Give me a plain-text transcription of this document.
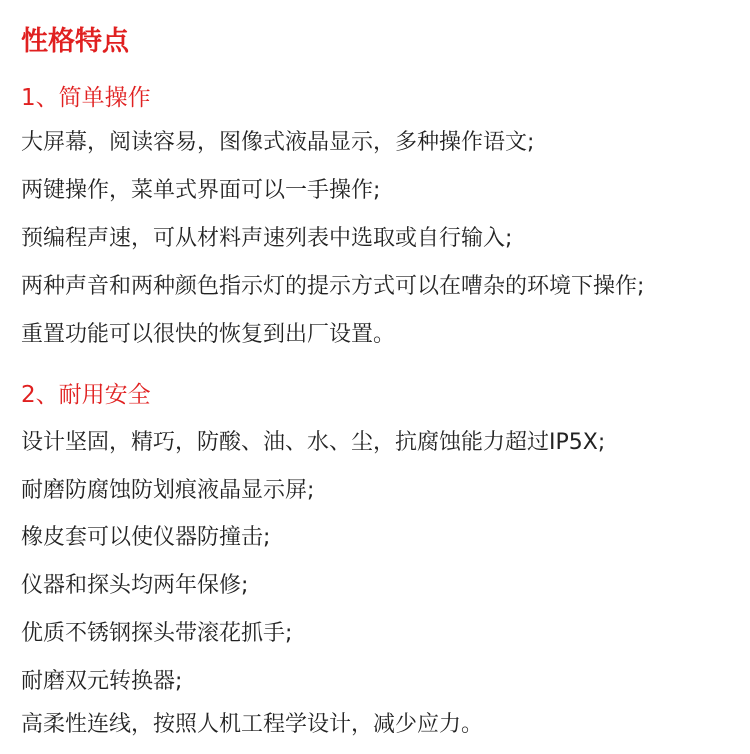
性格特点
1、简单操作

大屏幕，阅读容易，图像式液晶显示，多种操作语文;

两键操作，菜单式界面可以一手操作;

预编程声速，可从材料声速列表中选取或自行输入;

两种声音和两种颜色指示灯的提示方式可以在嘈杂的环境下操作;

重置功能可以很快的恢复到出厂设置。

2、耐用安全

设计坚固，精巧，防酸、油、水、尘，抗腐蚀能力超过IP5X;

耐磨防腐蚀防划痕液晶显示屏;

橡皮套可以使仪器防撞击;

仪器和探头均两年保修;

优质不锈钢探头带滚花抓手;

耐磨双元转换器;

高柔性连线，按照人机工程学设计，减少应力。
